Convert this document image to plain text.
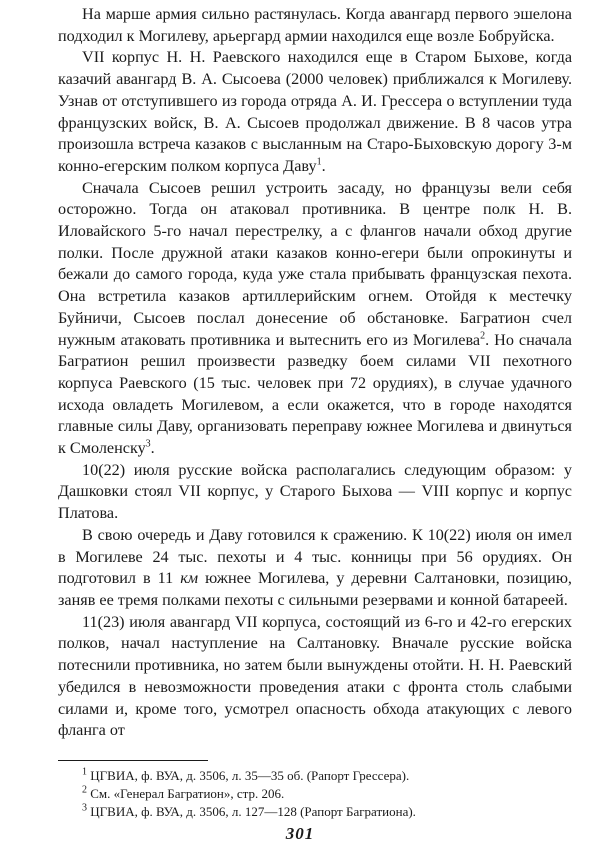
На марше армия сильно растянулась. Когда авангард первого эшелона подходил к Могилеву, арьергард армии находился еще возле Бобруйска.

VII корпус Н. Н. Раевского находился еще в Старом Быхове, когда казачий авангард В. А. Сысоева (2000 человек) приближался к Могилеву. Узнав от отступившего из города отряда А. И. Грессера о вступлении туда французских войск, В. А. Сысоев продолжал движение. В 8 часов утра произошла встреча казаков с высланным на Старо-Быховскую дорогу 3-м конно-егерским полком корпуса Даву$^1$.

Сначала Сысоев решил устроить засаду, но французы вели себя осторожно. Тогда он атаковал противника. В центре полк Н. В. Иловайского 5-го начал перестрелку, а с флангов начали обход другие полки. После дружной атаки казаков конно-егери были опрокинуты и бежали до самого города, куда уже стала прибывать французская пехота. Она встретила казаков артиллерийским огнем. Отойдя к местечку Буйничи, Сысоев послал донесение об обстановке. Багратион счел нужным атаковать противника и вытеснить его из Могилева$^2$. Но сначала Багратион решил произвести разведку боем силами VII пехотного корпуса Раевского (15 тыс. человек при 72 орудиях), в случае удачного исхода овладеть Могилевом, а если окажется, что в городе находятся главные силы Даву, организовать переправу южнее Могилева и двинуться к Смоленску$^3$.

10(22) июля русские войска располагались следующим образом: у Дашковки стоял VII корпус, у Старого Быхова — VIII корпус и корпус Платова.

В свою очередь и Даву готовился к сражению. К 10(22) июля он имел в Могилеве 24 тыс. пехоты и 4 тыс. конницы при 56 орудиях. Он подготовил в 11 км южнее Могилева, у деревни Салтановки, позицию, заняв ее тремя полками пехоты с сильными резервами и конной батареей.

11(23) июля авангард VII корпуса, состоящий из 6-го и 42-го егерских полков, начал наступление на Салтановку. Вначале русские войска потеснили противника, но затем были вынуждены отойти. Н. Н. Раевский убедился в невозможности проведения атаки с фронта столь слабыми силами и, кроме того, усмотрел опасность обхода атакующих с левого фланга от

$^1$ ЦГВИА, ф. ВУА, д. 3506, л. 35—35 об. (Рапорт Грессера).

$^2$ См. «Генерал Багратион», стр. 206.

$^3$ ЦГВИА, ф. ВУА, д. 3506, л. 127—128 (Рапорт Багратиона).

301
